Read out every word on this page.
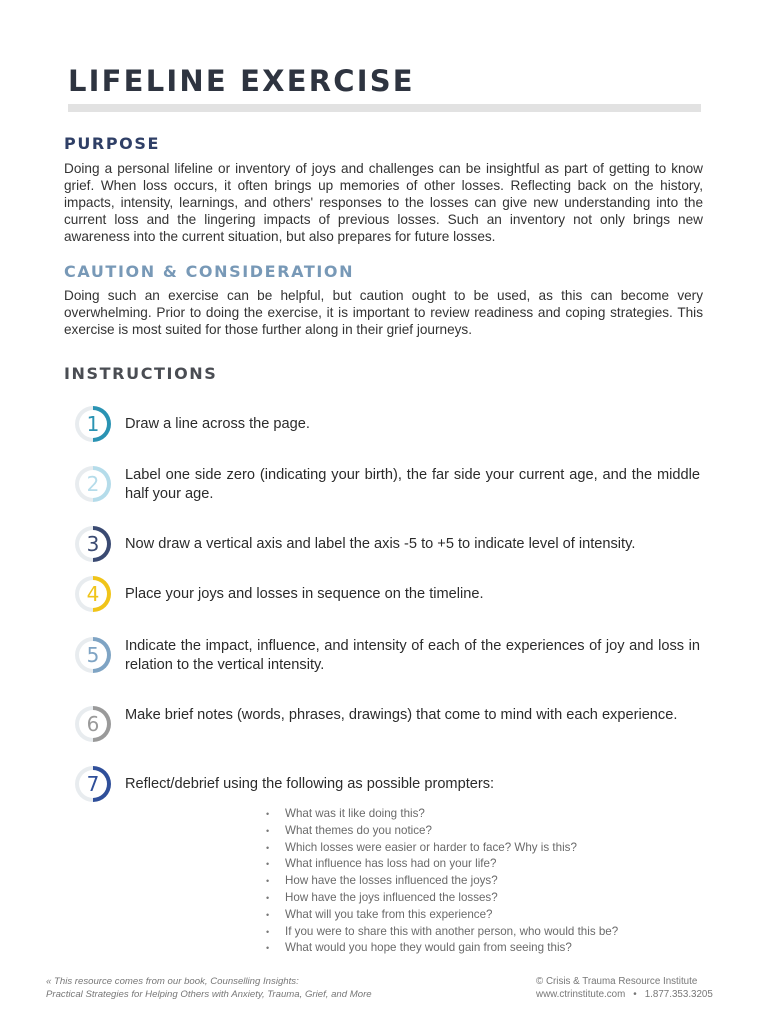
LIFELINE EXERCISE
PURPOSE

Doing a personal lifeline or inventory of joys and challenges can be insightful as part of getting to know grief. When loss occurs, it often brings up memories of other losses. Reflecting back on the history, impacts, intensity, learnings, and others' responses to the losses can give new understanding into the current loss and the lingering impacts of previous losses. Such an inventory not only brings new awareness into the current situation, but also prepares for future losses.

CAUTION & CONSIDERATION

Doing such an exercise can be helpful, but caution ought to be used, as this can become very overwhelming. Prior to doing the exercise, it is important to review readiness and coping strategies. This exercise is most suited for those further along in their grief journeys.

INSTRUCTIONS
1	Draw a line across the page.
2	Label one side zero (indicating your birth), the far side your current age, and the middle half your age.
3	Now draw a vertical axis and label the axis -5 to +5 to indicate level of intensity.
4	Place your joys and losses in sequence on the timeline.
5	Indicate the impact, influence, and intensity of each of the experiences of joy and loss in relation to the vertical intensity.
6	Make brief notes (words, phrases, drawings) that come to mind with each experience.
7	Reflect/debrief using the following as possible prompters:
• What was it like doing this?
• What themes do you notice?
• Which losses were easier or harder to face? Why is this?
• What influence has loss had on your life?
• How have the losses influenced the joys?
• How have the joys influenced the losses?
• What will you take from this experience?
• If you were to share this with another person, who would this be?
• What would you hope they would gain from seeing this?
« This resource comes from our book, Counselling Insights:
Practical Strategies for Helping Others with Anxiety, Trauma, Grief, and More
© Crisis & Trauma Resource Institute
www.ctrinstitute.com • 1.877.353.3205
